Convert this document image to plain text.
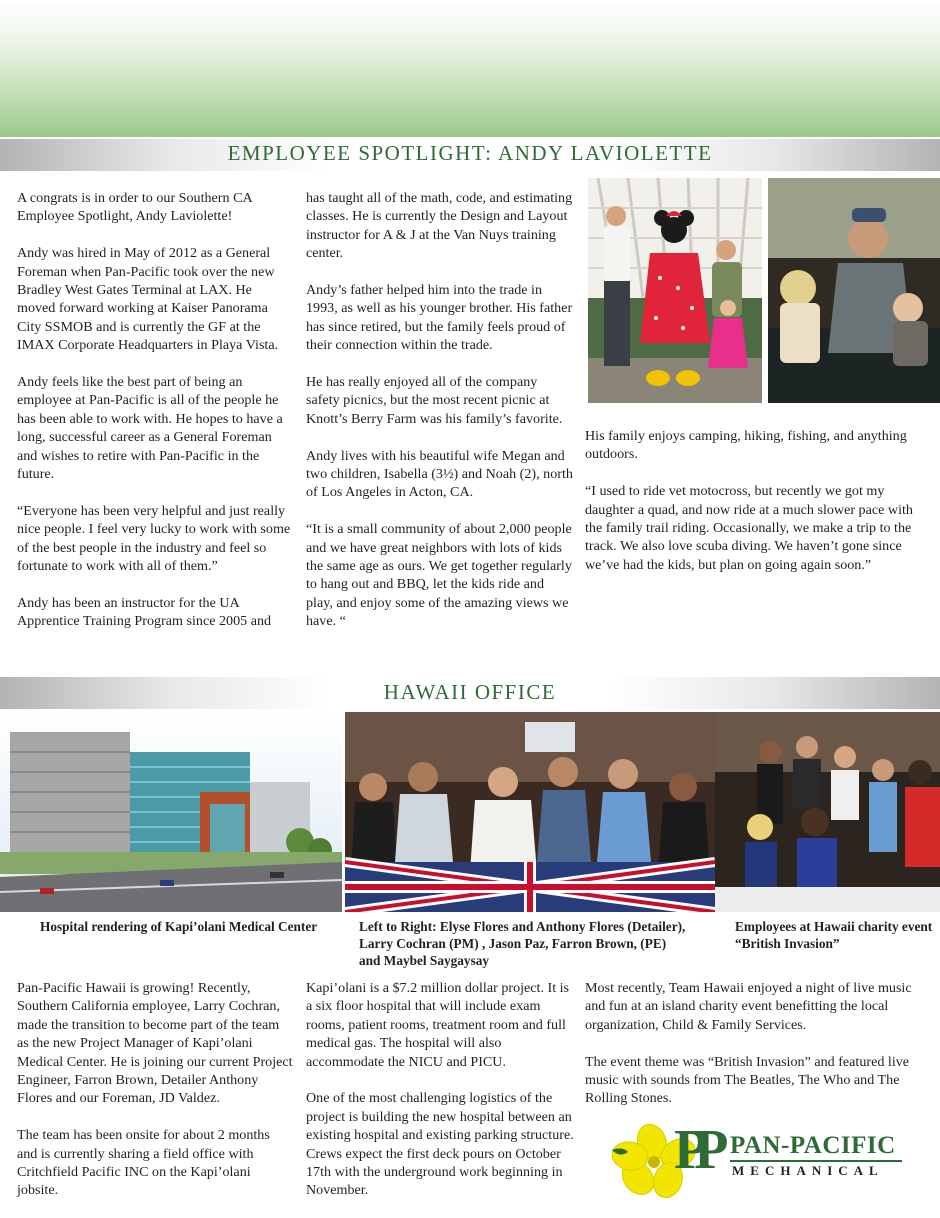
EMPLOYEE SPOTLIGHT: ANDY LAVIOLETTE

A congrats is in order to our Southern CA Employee Spotlight, Andy Laviolette!

Andy was hired in May of 2012 as a General Foreman when Pan-Pacific took over the new Bradley West Gates Terminal at LAX. He moved forward working at Kaiser Panorama City SSMOB and is currently the GF at the IMAX Corporate Headquarters in Playa Vista.

Andy feels like the best part of being an employee at Pan-Pacific is all of the people he has been able to work with. He hopes to have a long, successful career as a General Foreman and wishes to retire with Pan-Pacific in the future.

“Everyone has been very helpful and just really nice people. I feel very lucky to work with some of the best people in the industry and feel so fortunate to work with all of them.”

Andy has been an instructor for the UA Apprentice Training Program since 2005 and

has taught all of the math, code, and estimating classes. He is currently the Design and Layout instructor for A & J at the Van Nuys training center.

Andy’s father helped him into the trade in 1993, as well as his younger brother. His father has since retired, but the family feels proud of their connection within the trade.

He has really enjoyed all of the company safety picnics, but the most recent picnic at Knott’s Berry Farm was his family’s favorite.

Andy lives with his beautiful wife Megan and two children, Isabella (3½) and Noah (2), north of Los Angeles in Acton, CA.

“It is a small community of about 2,000 people and we have great neighbors with lots of kids the same age as ours. We get together regularly to hang out and BBQ, let the kids ride and play, and enjoy some of the amazing views we have. “

His family enjoys camping, hiking, fishing, and anything outdoors.

“I used to ride vet motocross, but recently we got my daughter a quad, and now ride at a much slower pace with the family trail riding. Occasionally, we make a trip to the track. We also love scuba diving. We haven’t gone since we’ve had the kids, but plan on going again soon.”

HAWAII OFFICE
Hospital rendering of Kapi’olani Medical Center	Left to Right: Elyse Flores and Anthony Flores (Detailer),
Larry Cochran (PM) , Jason Paz, Farron Brown, (PE)
and Maybel Saygaysay
Employees at Hawaii charity event
“British Invasion”

Pan-Pacific Hawaii is growing! Recently, Southern California employee, Larry Cochran, made the transition to become part of the team as the new Project Manager of Kapi’olani Medical Center. He is joining our current Project Engineer, Farron Brown, Detailer Anthony Flores and our Foreman, JD Valdez.

The team has been onsite for about 2 months and is currently sharing a field office with Critchfield Pacific INC on the Kapi’olani jobsite.

Kapi’olani is a $7.2 million dollar project. It is a six floor hospital that will include exam rooms, patient rooms, treatment room and full medical gas. The hospital will also accommodate the NICU and PICU.

One of the most challenging logistics of the project is building the new hospital between an existing hospital and existing parking structure. Crews expect the first deck pours on October 17th with the underground work beginning in November.

Most recently, Team Hawaii enjoyed a night of live music and fun at an island charity event benefitting the local organization, Child & Family Services.

The event theme was “British Invasion” and featured live music with sounds from The Beatles, The Who and The Rolling Stones.

PP PAN-PACIFIC
MECHANICAL
